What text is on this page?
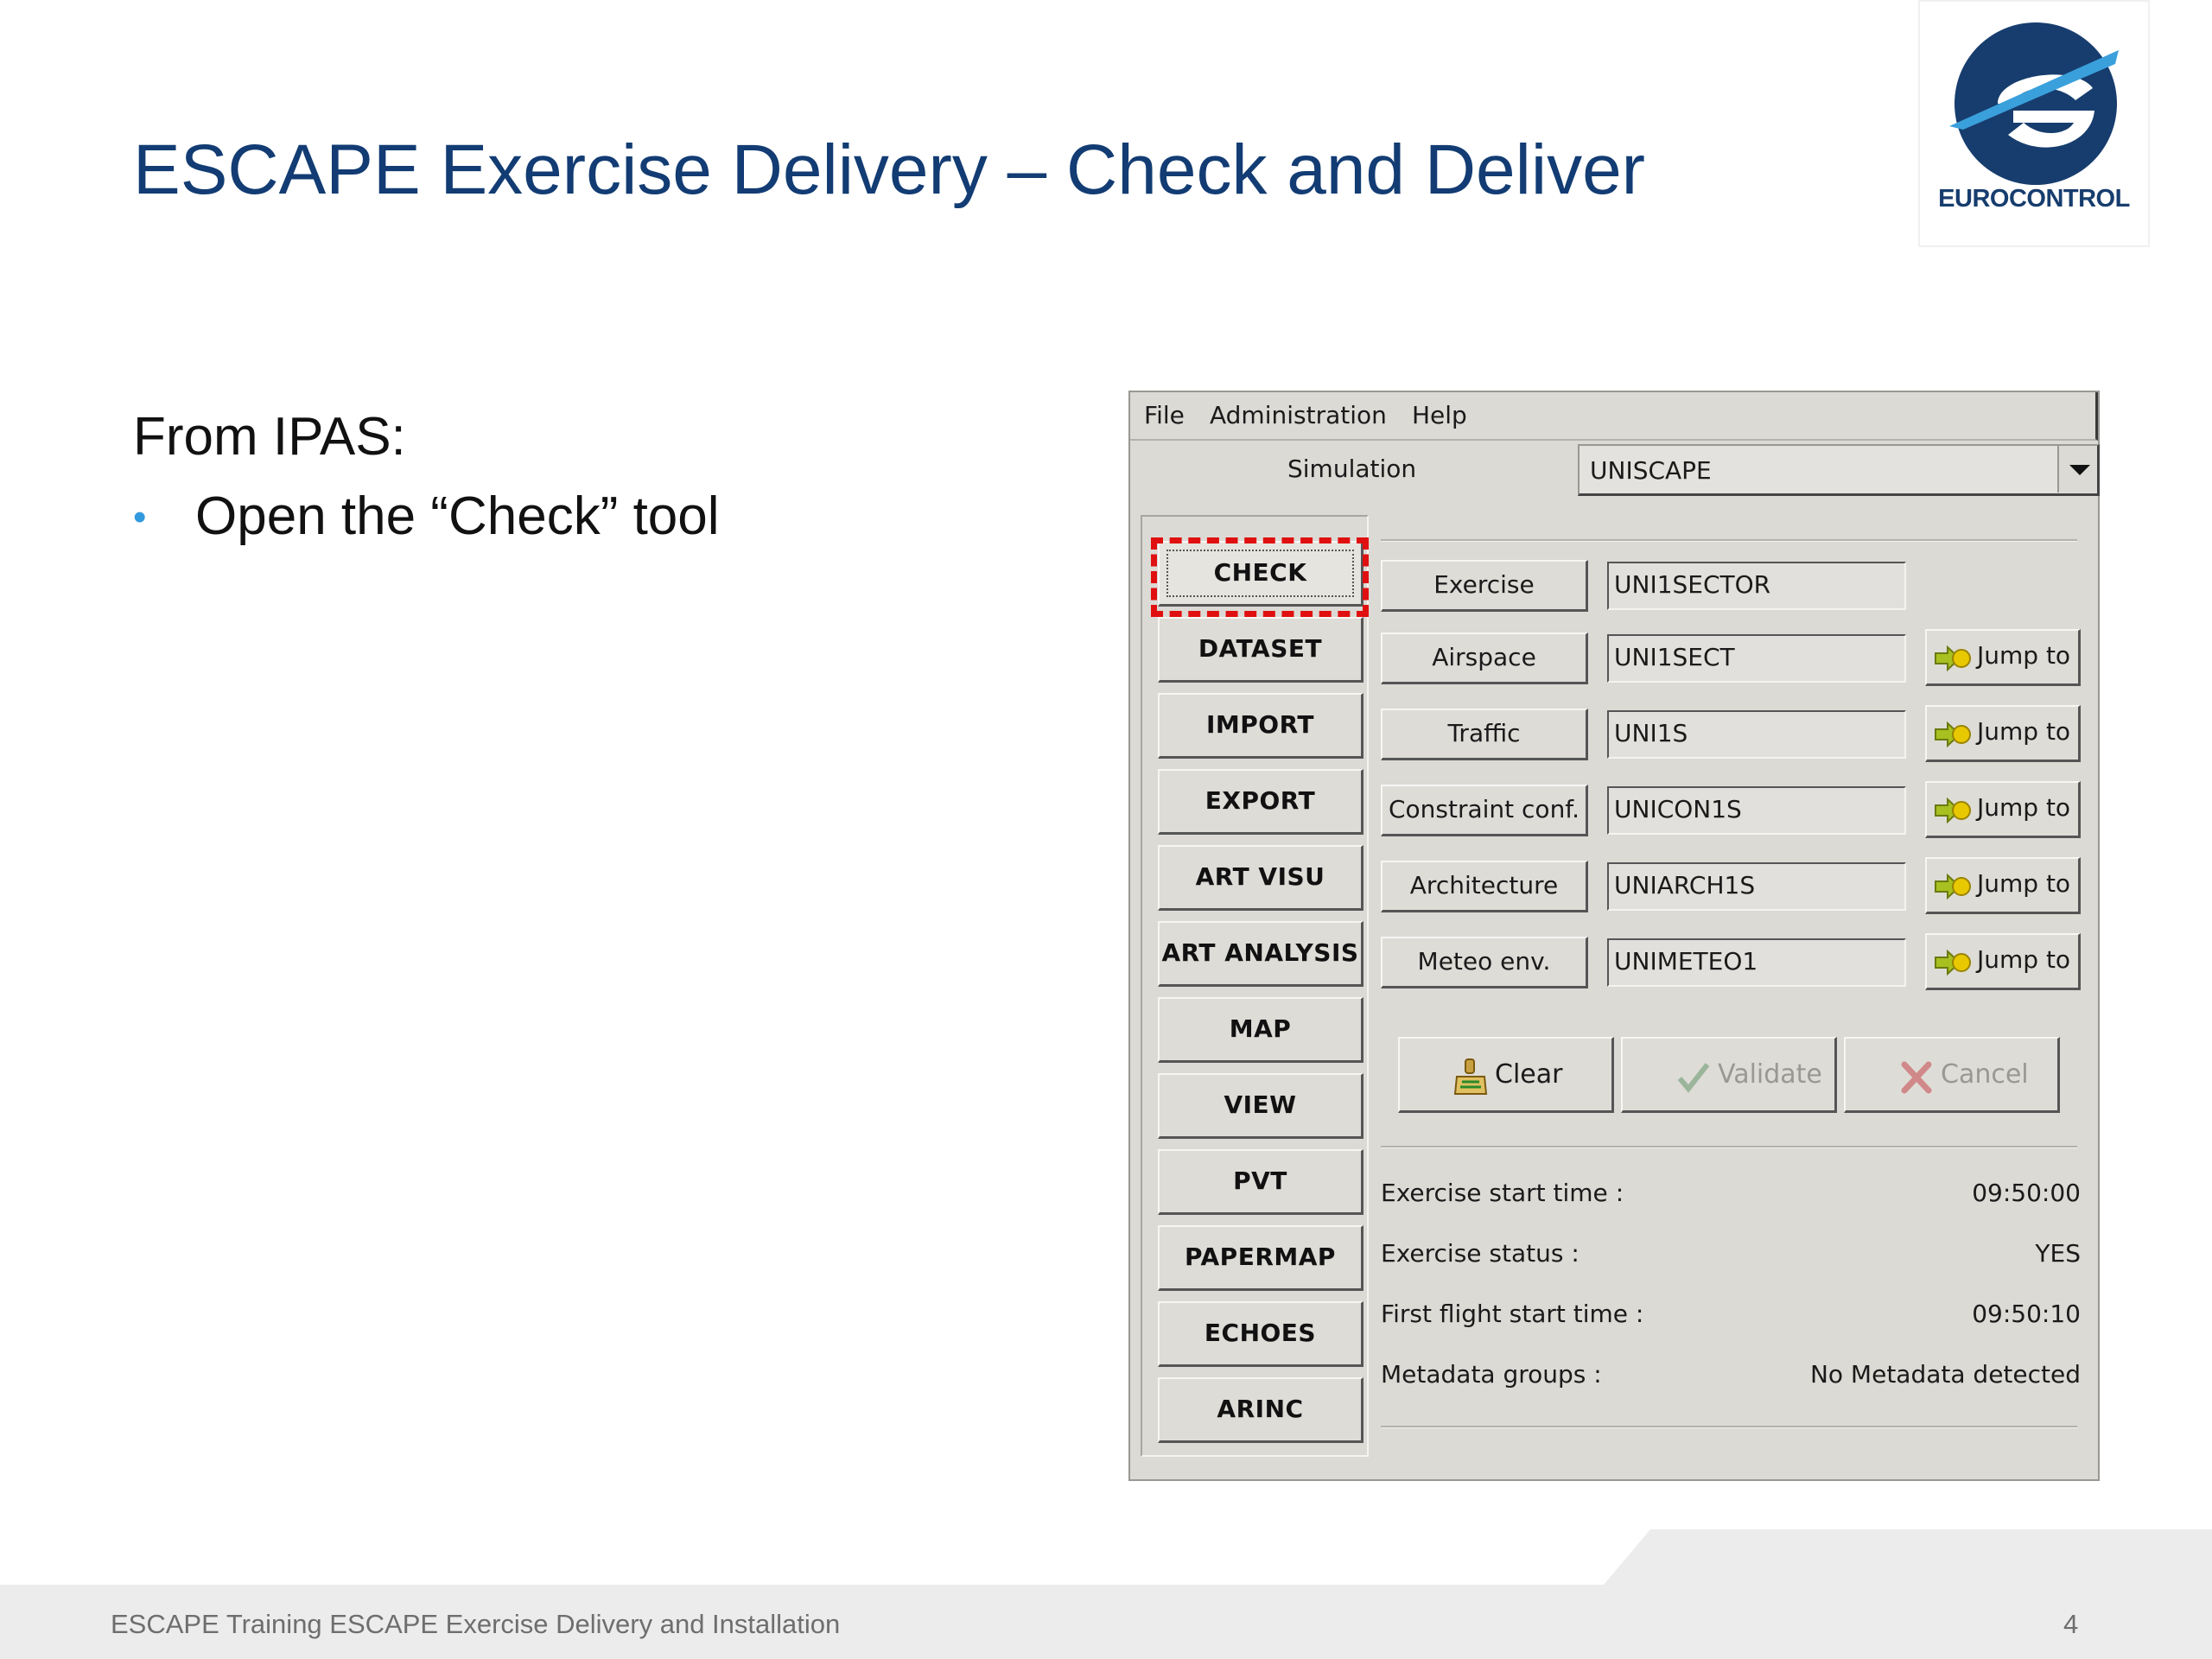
ESCAPE Exercise Delivery – Check and Deliver	EUROCONTROL
From IPAS:
• Open the “Check” tool
File Administration Help
Simulation	UNISCAPE
CHECK
DATASET
IMPORT
EXPORT
ART VISU
ART ANALYSIS
MAP
VIEW
PVT
PAPERMAP
ECHOES
ARINC
Exercise	UNI1SECTOR
Airspace	UNI1SECT	Jump to
Traffic	UNI1S	Jump to
Constraint conf.	UNICON1S	Jump to
Architecture	UNIARCH1S	Jump to
Meteo env.	UNIMETEO1	Jump to
Clear	Validate	Cancel
Exercise start time :	09:50:00
Exercise status :	YES
First flight start time :	09:50:10
Metadata groups :	No Metadata detected
ESCAPE Training ESCAPE Exercise Delivery and Installation	4
